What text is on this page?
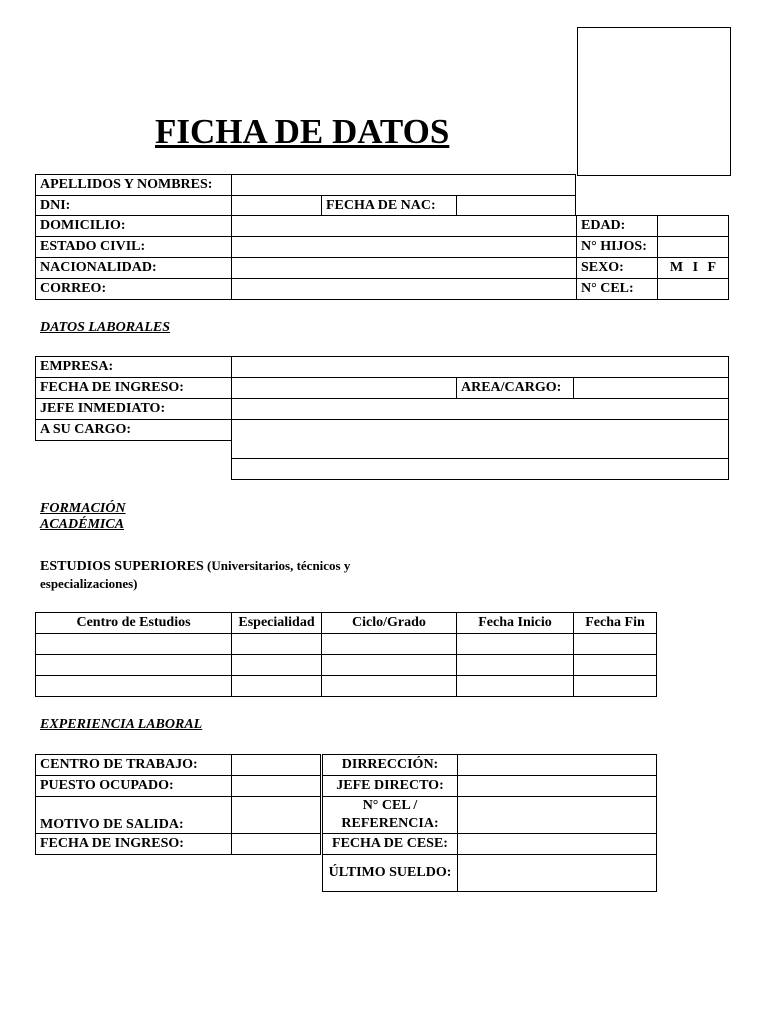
FICHA DE DATOS
APELLIDOS Y NOMBRES:
DNI:	FECHA DE NAC:
DOMICILIO:	EDAD:
ESTADO CIVIL:	N° HIJOS:
NACIONALIDAD:	SEXO:	M I F
CORREO:	N° CEL:
DATOS LABORALES
EMPRESA:
FECHA DE INGRESO:	AREA/CARGO:
JEFE INMEDIATO:
A SU CARGO:
FORMACIÓN
ACADÉMICA
ESTUDIOS SUPERIORES (Universitarios, técnicos y especializaciones)
Centro de Estudios	Especialidad	Ciclo/Grado	Fecha Inicio	Fecha Fin
EXPERIENCIA LABORAL
CENTRO DE TRABAJO:
PUESTO OCUPADO:
MOTIVO DE SALIDA:
FECHA DE INGRESO:
DIRRECCIÓN:
JEFE DIRECTO:
N° CEL / REFERENCIA:
FECHA DE CESE:
ÚLTIMO SUELDO:
